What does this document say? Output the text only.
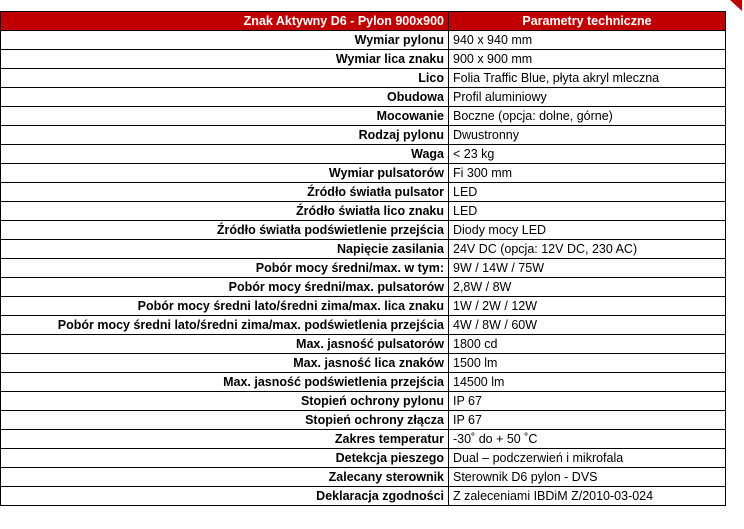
Znak Aktywny D6 - Pylon 900x900	Parametry techniczne
Wymiar pylonu	940 x 940 mm
Wymiar lica znaku	900 x 900 mm
Lico	Folia Traffic Blue, płyta akryl mleczna
Obudowa	Profil aluminiowy
Mocowanie	Boczne (opcja: dolne, górne)
Rodzaj pylonu	Dwustronny
Waga	< 23 kg
Wymiar pulsatorów	Fi 300 mm
Źródło światła pulsator	LED
Źródło światła lico znaku	LED
Źródło światła podświetlenie przejścia	Diody mocy LED
Napięcie zasilania	24V DC (opcja: 12V DC, 230 AC)
Pobór mocy średni/max. w tym:	9W / 14W / 75W
Pobór mocy średni/max. pulsatorów	2,8W / 8W
Pobór mocy średni lato/średni zima/max. lica znaku	1W / 2W / 12W
Pobór mocy średni lato/średni zima/max. podświetlenia przejścia	4W / 8W / 60W
Max. jasność pulsatorów	1800 cd
Max. jasność lica znaków	1500 lm
Max. jasność podświetlenia przejścia	14500 lm
Stopień ochrony pylonu	IP 67
Stopień ochrony złącza	IP 67
Zakres temperatur	-30˚ do + 50 ˚C
Detekcja pieszego	Dual – podczerwień i mikrofala
Zalecany sterownik	Sterownik D6 pylon - DVS
Deklaracja zgodności	Z zaleceniami IBDiM Z/2010-03-024
